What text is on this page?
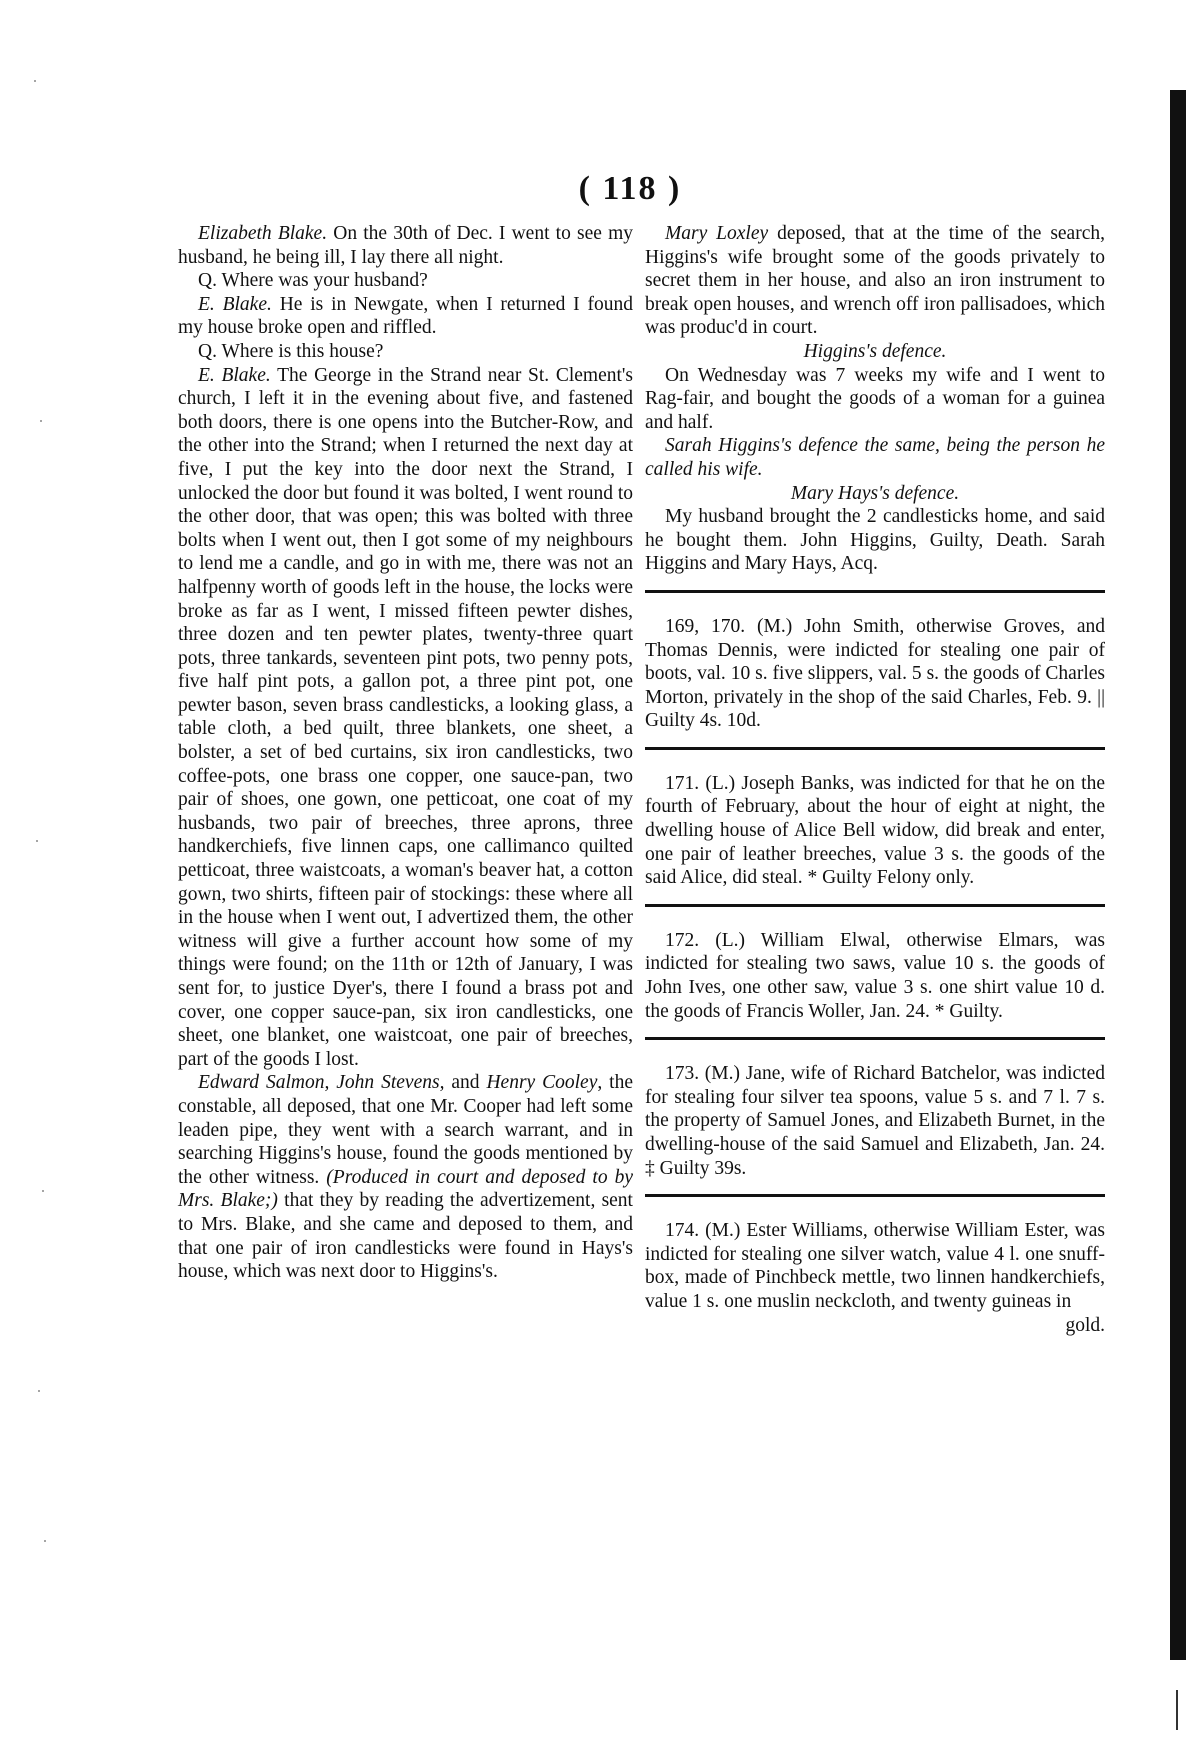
( 118 )

Elizabeth Blake. On the 30th of Dec. I went to see my husband, he being ill, I lay there all night.

Q. Where was your husband?

E. Blake. He is in Newgate, when I returned I found my house broke open and riffled.

Q. Where is this house?

E. Blake. The George in the Strand near St. Clement's church, I left it in the evening about five, and fastened both doors, there is one opens into the Butcher-Row, and the other into the Strand; when I returned the next day at five, I put the key into the door next the Strand, I unlocked the door but found it was bolted, I went round to the other door, that was open; this was bolted with three bolts when I went out, then I got some of my neighbours to lend me a candle, and go in with me, there was not an halfpenny worth of goods left in the house, the locks were broke as far as I went, I missed fifteen pewter dishes, three dozen and ten pewter plates, twenty-three quart pots, three tankards, seventeen pint pots, two penny pots, five half pint pots, a gallon pot, a three pint pot, one pewter bason, seven brass candlesticks, a looking glass, a table cloth, a bed quilt, three blankets, one sheet, a bolster, a set of bed curtains, six iron candlesticks, two coffee-pots, one brass one copper, one sauce-pan, two pair of shoes, one gown, one petticoat, one coat of my husbands, two pair of breeches, three aprons, three handkerchiefs, five linnen caps, one callimanco quilted petticoat, three waistcoats, a woman's beaver hat, a cotton gown, two shirts, fifteen pair of stockings: these where all in the house when I went out, I advertized them, the other witness will give a further account how some of my things were found; on the 11th or 12th of January, I was sent for, to justice Dyer's, there I found a brass pot and cover, one copper sauce-pan, six iron candlesticks, one sheet, one blanket, one waistcoat, one pair of breeches, part of the goods I lost.

Edward Salmon, John Stevens, and Henry Cooley, the constable, all deposed, that one Mr. Cooper had left some leaden pipe, they went with a search warrant, and in searching Higgins's house, found the goods mentioned by the other witness. (Produced in court and deposed to by Mrs. Blake;) that they by reading the advertizement, sent to Mrs. Blake, and she came and deposed to them, and that one pair of iron candlesticks were found in Hays's house, which was next door to Higgins's.

Mary Loxley deposed, that at the time of the search, Higgins's wife brought some of the goods privately to secret them in her house, and also an iron instrument to break open houses, and wrench off iron pallisadoes, which was produc'd in court.

Higgins's defence.

On Wednesday was 7 weeks my wife and I went to Rag-fair, and bought the goods of a woman for a guinea and half.

Sarah Higgins's defence the same, being the person he called his wife.

Mary Hays's defence.

My husband brought the 2 candlesticks home, and said he bought them. John Higgins, Guilty, Death. Sarah Higgins and Mary Hays, Acq.

169, 170. (M.) John Smith, otherwise Groves, and Thomas Dennis, were indicted for stealing one pair of boots, val. 10 s. five slippers, val. 5 s. the goods of Charles Morton, privately in the shop of the said Charles, Feb. 9. || Guilty 4s. 10d.

171. (L.) Joseph Banks, was indicted for that he on the fourth of February, about the hour of eight at night, the dwelling house of Alice Bell widow, did break and enter, one pair of leather breeches, value 3 s. the goods of the said Alice, did steal. * Guilty Felony only.

172. (L.) William Elwal, otherwise Elmars, was indicted for stealing two saws, value 10 s. the goods of John Ives, one other saw, value 3 s. one shirt value 10 d. the goods of Francis Woller, Jan. 24. * Guilty.

173. (M.) Jane, wife of Richard Batchelor, was indicted for stealing four silver tea spoons, value 5 s. and 7 l. 7 s. the property of Samuel Jones, and Elizabeth Burnet, in the dwelling-house of the said Samuel and Elizabeth, Jan. 24. ‡ Guilty 39s.

174. (M.) Ester Williams, otherwise William Ester, was indicted for stealing one silver watch, value 4 l. one snuff-box, made of Pinchbeck mettle, two linnen handkerchiefs, value 1 s. one muslin neckcloth, and twenty guineas in

gold.
